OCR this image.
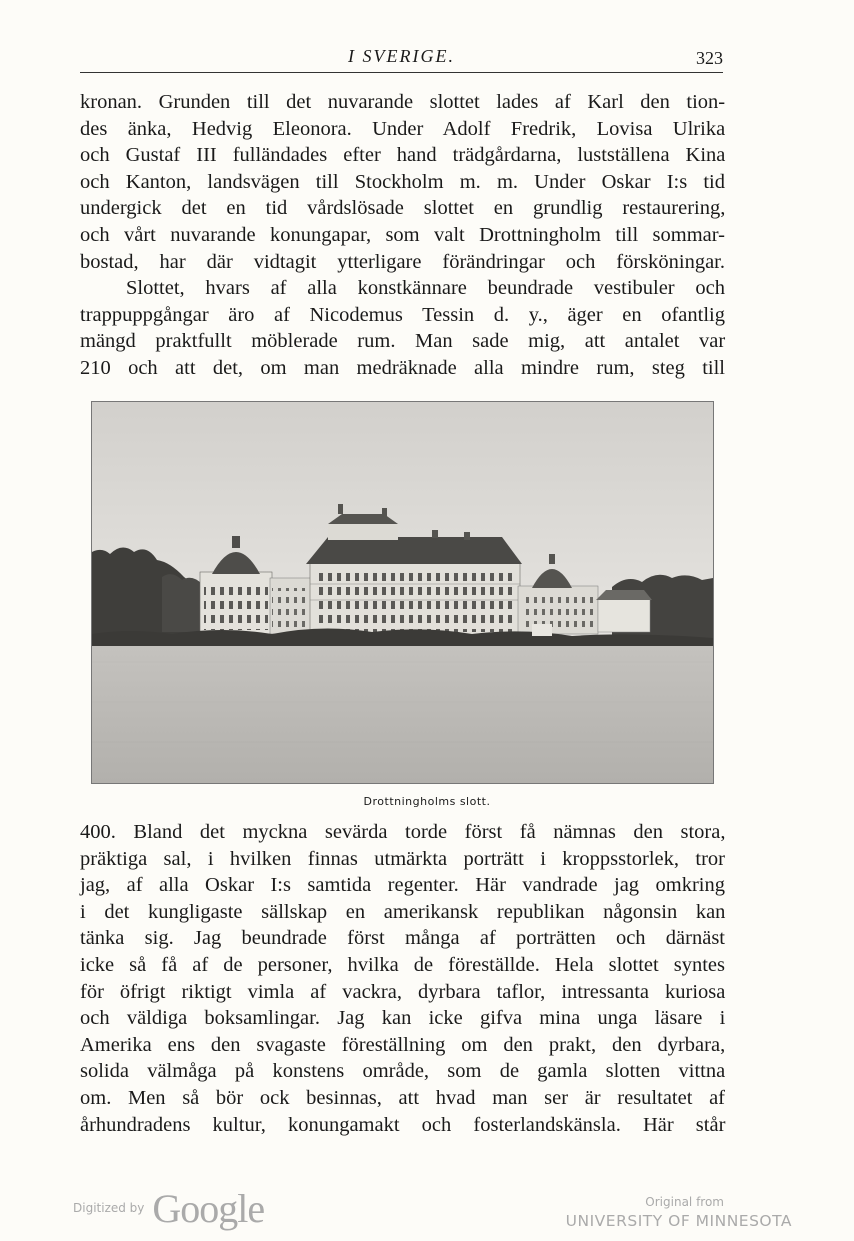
I SVERIGE.	323
kronan. Grunden till det nuvarande slottet lades af Karl den tion-
des änka, Hedvig Eleonora. Under Adolf Fredrik, Lovisa Ulrika
och Gustaf III fulländades efter hand trädgårdarna, lustställena Kina
och Kanton, landsvägen till Stockholm m. m. Under Oskar I:s tid
undergick det en tid vårdslösade slottet en grundlig restaurering,
och vårt nuvarande konungapar, som valt Drottningholm till sommar-
bostad, har där vidtagit ytterligare förändringar och försköningar.
Slottet, hvars af alla konstkännare beundrade vestibuler och
trappuppgångar äro af Nicodemus Tessin d. y., äger en ofantlig
mängd praktfullt möblerade rum. Man sade mig, att antalet var
210 och att det, om man medräknade alla mindre rum, steg till
Drottningholms slott.
400. Bland det myckna sevärda torde först få nämnas den stora,
präktiga sal, i hvilken finnas utmärkta porträtt i kroppsstorlek, tror
jag, af alla Oskar I:s samtida regenter. Här vandrade jag omkring
i det kungligaste sällskap en amerikansk republikan någonsin kan
tänka sig. Jag beundrade först många af porträtten och därnäst
icke så få af de personer, hvilka de föreställde. Hela slottet syntes
för öfrigt riktigt vimla af vackra, dyrbara taflor, intressanta kuriosa
och väldiga boksamlingar. Jag kan icke gifva mina unga läsare i
Amerika ens den svagaste föreställning om den prakt, den dyrbara,
solida välmåga på konstens område, som de gamla slotten vittna
om. Men så bör ock besinnas, att hvad man ser är resultatet af
århundradens kultur, konungamakt och fosterlandskänsla. Här står
Digitized by Google	Original from
UNIVERSITY OF MINNESOTA
